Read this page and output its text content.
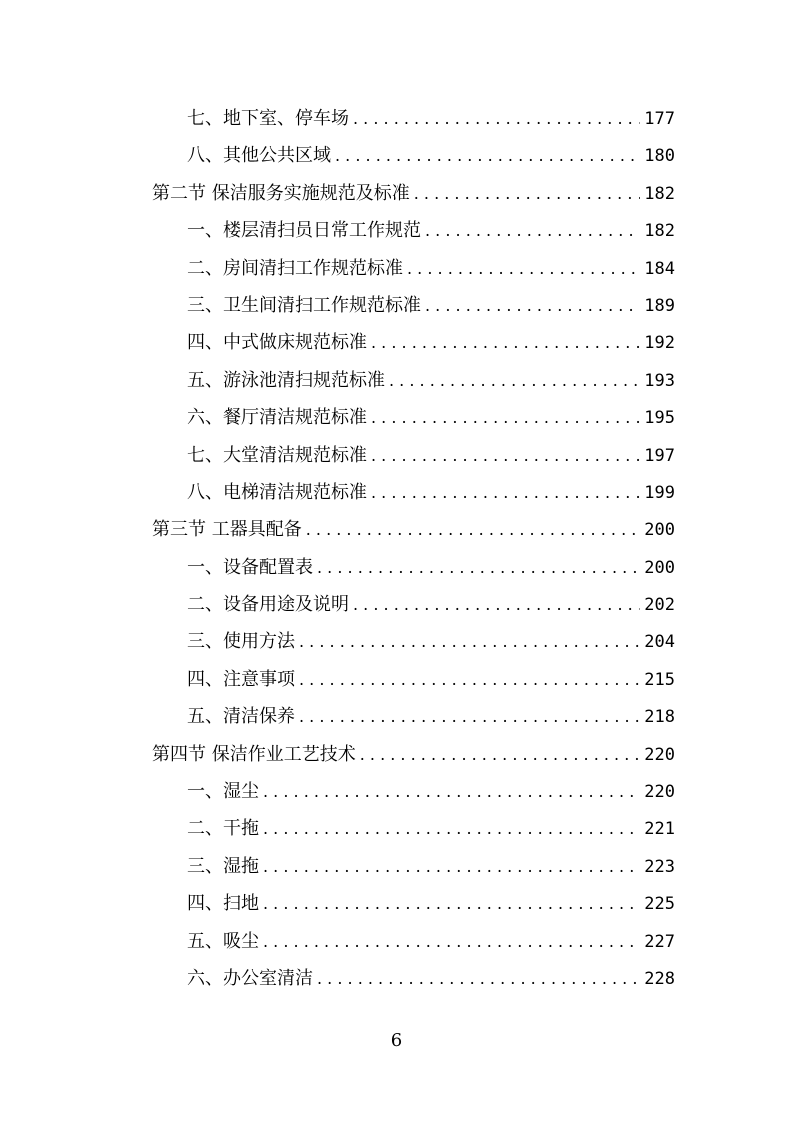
七、地下室、停车场 . . .	177
八、其他公共区域 . . .	180
第二节 保洁服务实施规范及标准 . . .	182
一、楼层清扫员日常工作规范 . . .	182
二、房间清扫工作规范标准 . . .	184
三、卫生间清扫工作规范标准 . . .	189
四、中式做床规范标准 . . .	192
五、游泳池清扫规范标准 . . .	193
六、餐厅清洁规范标准 . . .	195
七、大堂清洁规范标准 . . .	197
八、电梯清洁规范标准 . . .	199
第三节 工器具配备 . . .	200
一、设备配置表 . . .	200
二、设备用途及说明 . . .	202
三、使用方法 . . .	204
四、注意事项 . . .	215
五、清洁保养 . . .	218
第四节 保洁作业工艺技术 . . .	220
一、湿尘 . . .	220
二、干拖 . . .	221
三、湿拖 . . .	223
四、扫地 . . .	225
五、吸尘 . . .	227
六、办公室清洁 . . .	228
6
